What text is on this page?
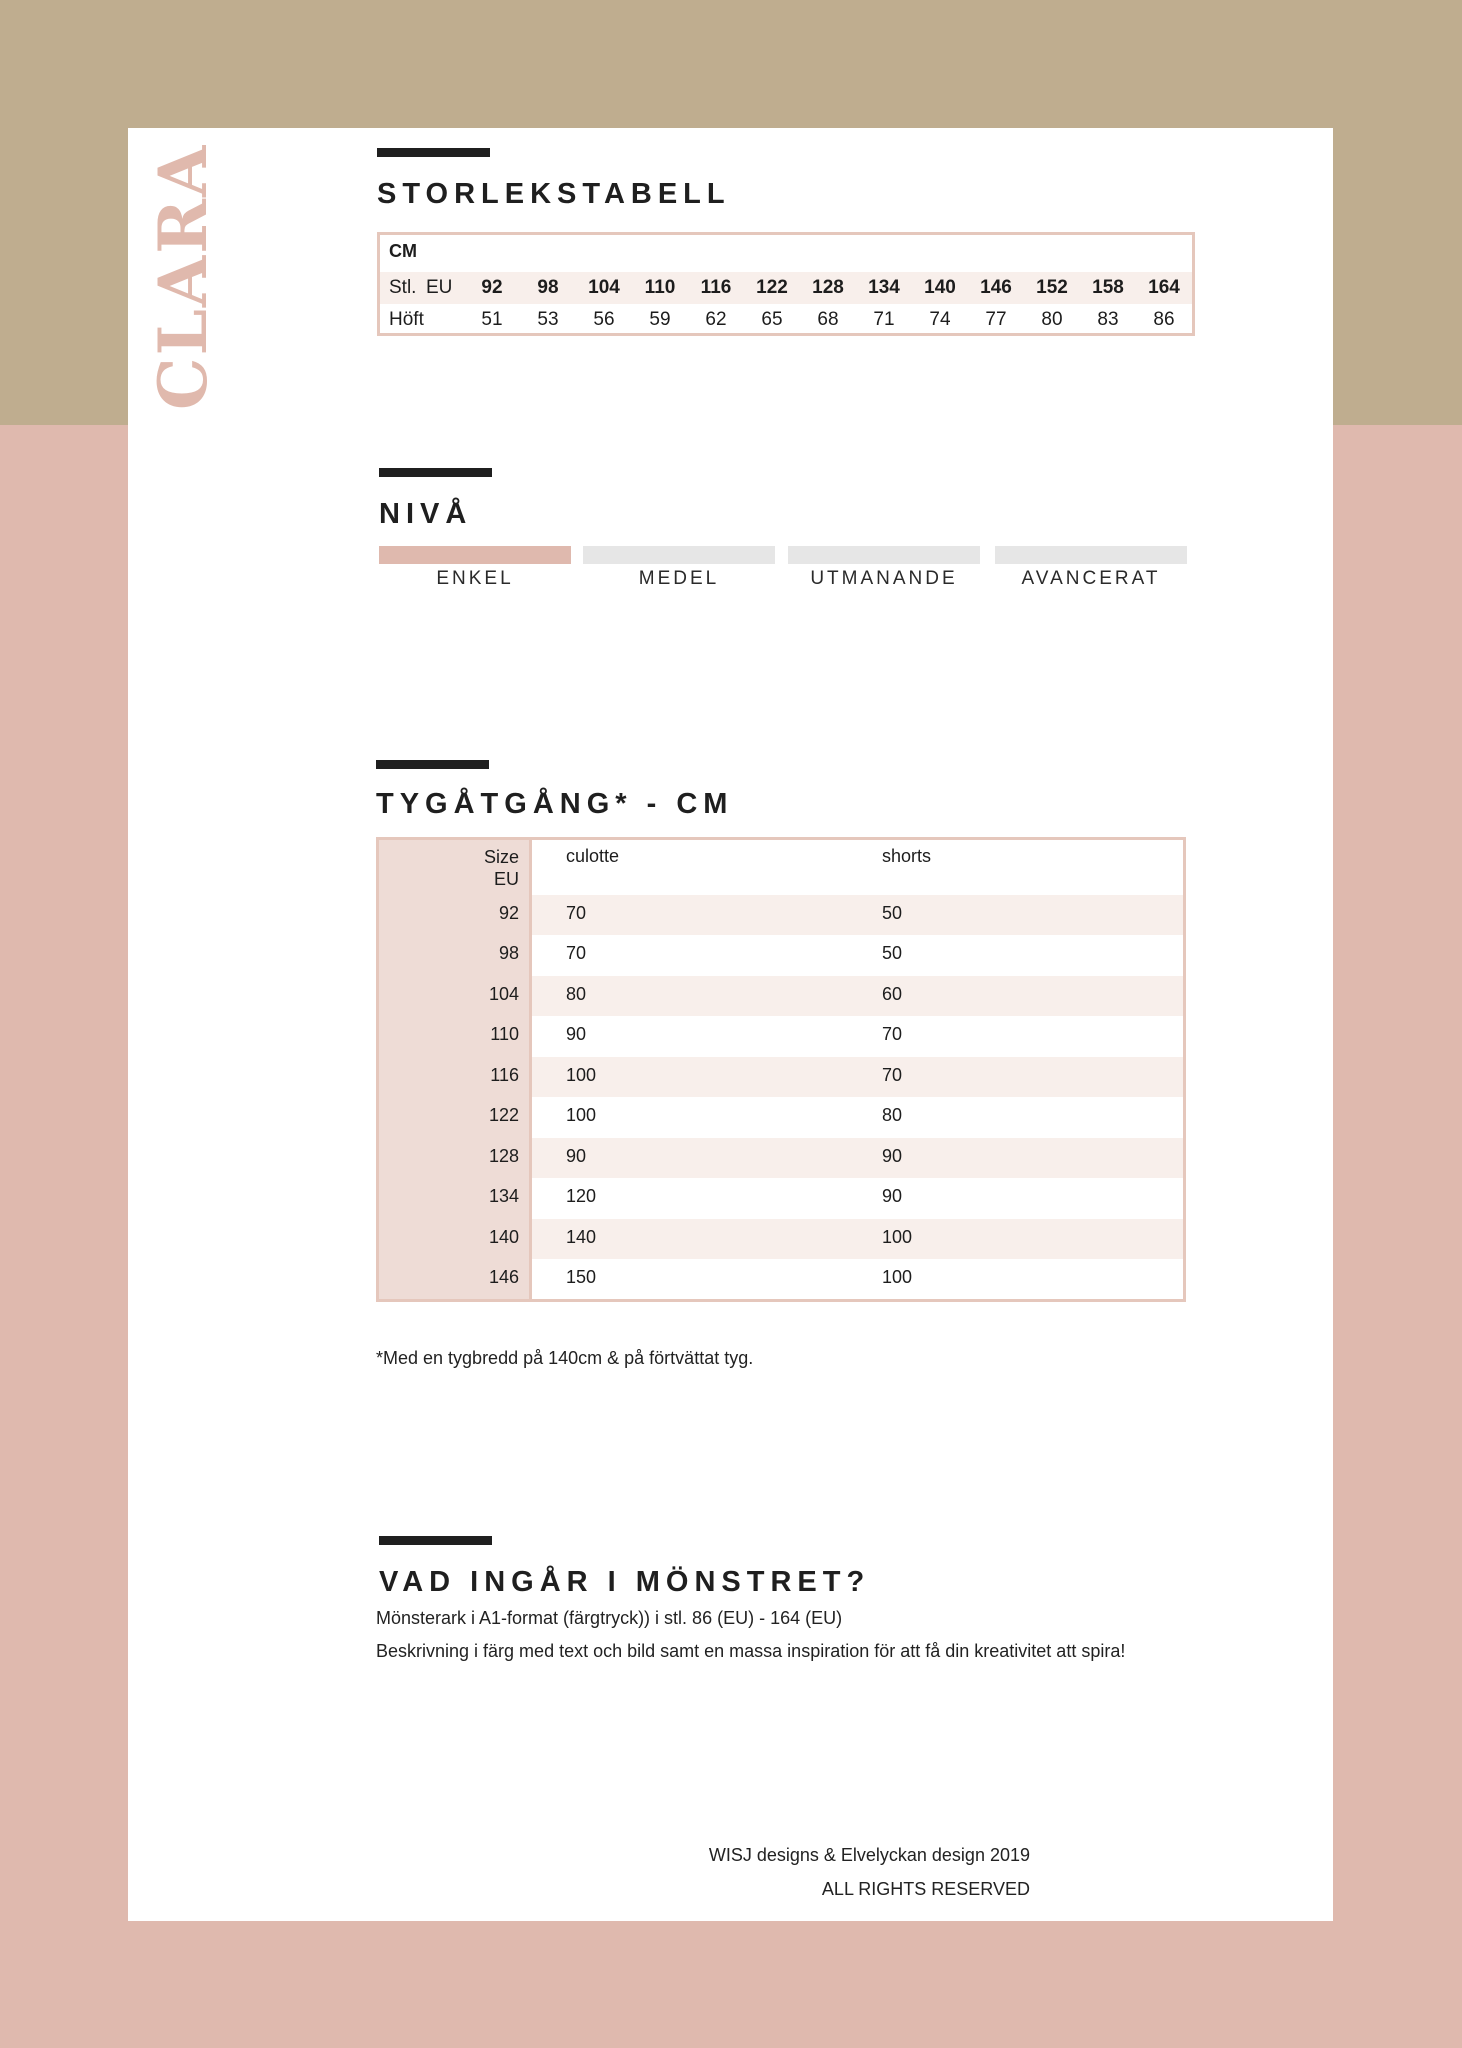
CLARA	STORLEKSTABELL
CM
Stl. EU	92	98	104	110	116	122	128	134	140	146	152	158	164
Höft	51	53	56	59	62	65	68	71	74	77	80	83	86
NIVÅ
ENKEL	MEDEL	UTMANANDE	AVANCERAT
TYGÅTGÅNG* - CM
Size
EU
culotte	shorts
92	70	50
98	70	50
104	80	60
110	90	70
116	100	70
122	100	80
128	90	90
134	120	90
140	140	100
146	150	100
*Med en tygbredd på 140cm & på förtvättat tyg.
VAD INGÅR I MÖNSTRET?
Mönsterark i A1-format (färgtryck)) i stl. 86 (EU) - 164 (EU)
Beskrivning i färg med text och bild samt en massa inspiration för att få din kreativitet att spira!
WISJ designs & Elvelyckan design 2019
ALL RIGHTS RESERVED
